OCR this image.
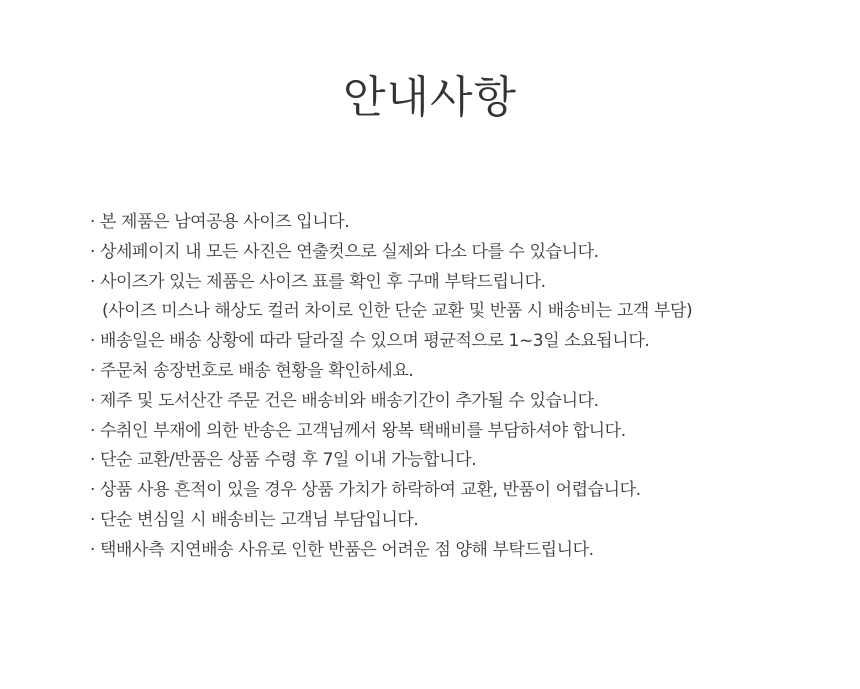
안내사항
· 본 제품은 남여공용 사이즈 입니다.
· 상세페이지 내 모든 사진은 연출컷으로 실제와 다소 다를 수 있습니다.
· 사이즈가 있는 제품은 사이즈 표를 확인 후 구매 부탁드립니다.
(사이즈 미스나 해상도 컬러 차이로 인한 단순 교환 및 반품 시 배송비는 고객 부담)
· 배송일은 배송 상황에 따라 달라질 수 있으며 평균적으로 1~3일 소요됩니다.
· 주문처 송장번호로 배송 현황을 확인하세요.
· 제주 및 도서산간 주문 건은 배송비와 배송기간이 추가될 수 있습니다.
· 수취인 부재에 의한 반송은 고객님께서 왕복 택배비를 부담하셔야 합니다.
· 단순 교환/반품은 상품 수령 후 7일 이내 가능합니다.
· 상품 사용 흔적이 있을 경우 상품 가치가 하락하여 교환, 반품이 어렵습니다.
· 단순 변심일 시 배송비는 고객님 부담입니다.
· 택배사측 지연배송 사유로 인한 반품은 어려운 점 양해 부탁드립니다.
